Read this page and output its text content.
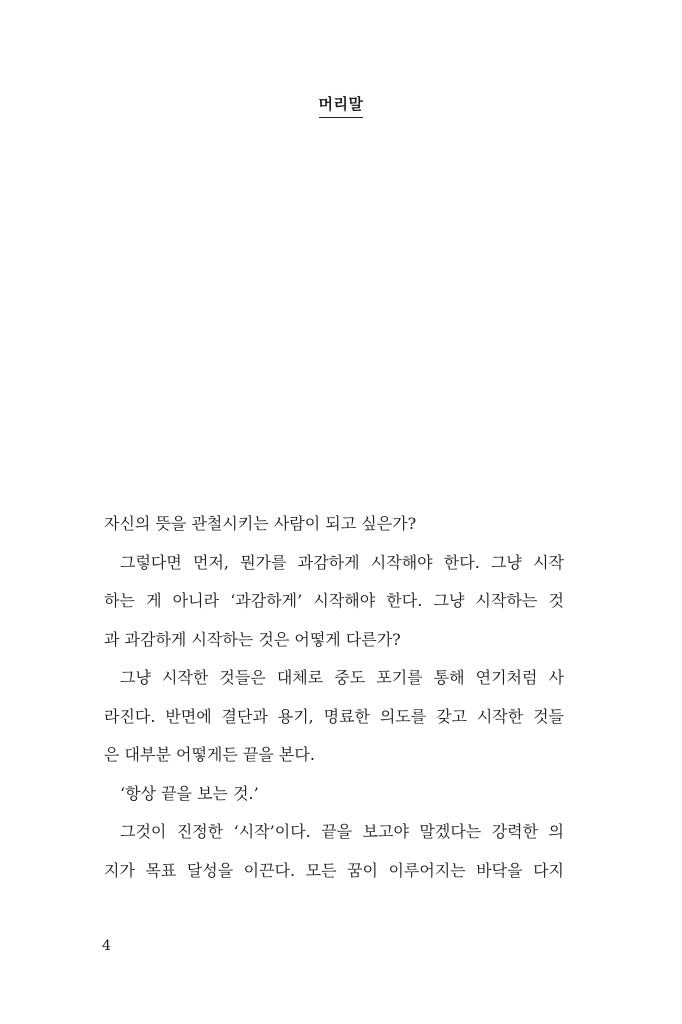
머리말
자신의 뜻을 관철시키는 사람이 되고 싶은가?
그렇다면 먼저, 뭔가를 과감하게 시작해야 한다. 그냥 시작
하는 게 아니라 ‘과감하게’ 시작해야 한다. 그냥 시작하는 것
과 과감하게 시작하는 것은 어떻게 다른가?
그냥 시작한 것들은 대체로 중도 포기를 통해 연기처럼 사
라진다. 반면에 결단과 용기, 명료한 의도를 갖고 시작한 것들
은 대부분 어떻게든 끝을 본다.
‘항상 끝을 보는 것.’
그것이 진정한 ‘시작’이다. 끝을 보고야 말겠다는 강력한 의
지가 목표 달성을 이끈다. 모든 꿈이 이루어지는 바닥을 다지
4
